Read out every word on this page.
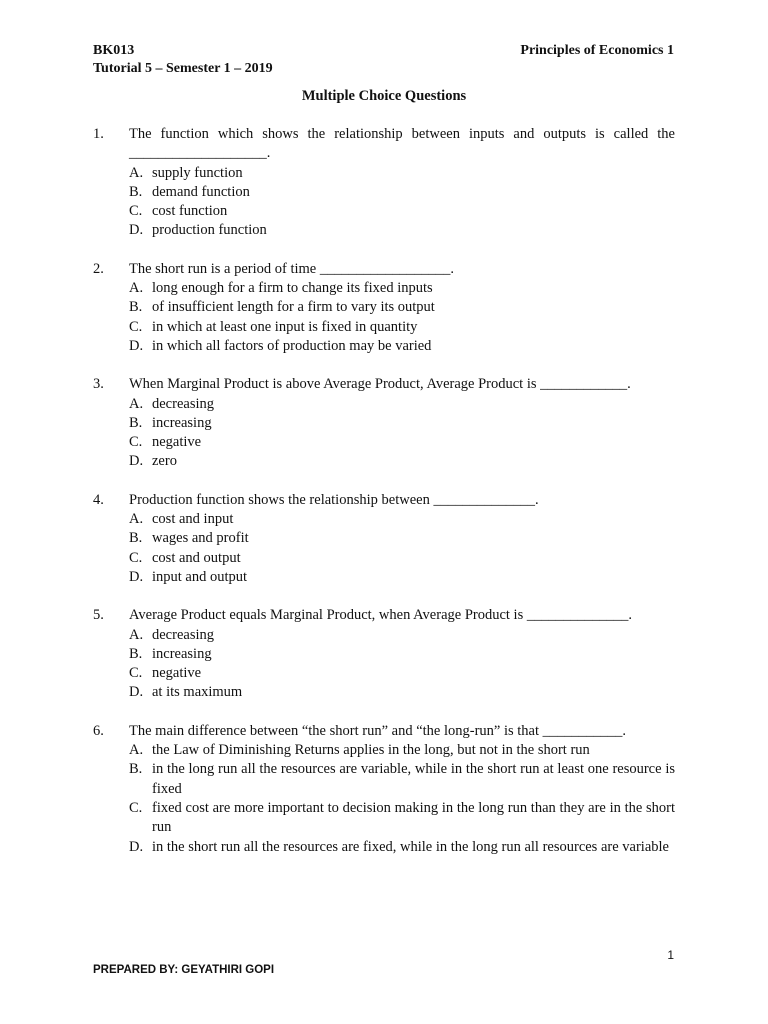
BK013
Tutorial 5 – Semester 1 – 2019
Principles of Economics 1
Multiple Choice Questions
1.	The function which shows the relationship between inputs and outputs is called the ___________________.
A. supply function
B. demand function
C. cost function
D. production function
2.	The short run is a period of time __________________.
A. long enough for a firm to change its fixed inputs
B. of insufficient length for a firm to vary its output
C. in which at least one input is fixed in quantity
D. in which all factors of production may be varied
3.	When Marginal Product is above Average Product, Average Product is ____________.
A. decreasing
B. increasing
C. negative
D. zero
4.	Production function shows the relationship between ______________.
A. cost and input
B. wages and profit
C. cost and output
D. input and output
5.	Average Product equals Marginal Product, when Average Product is ______________.
A. decreasing
B. increasing
C. negative
D. at its maximum
6.	The main difference between “the short run” and “the long-run” is that ___________.
A. the Law of Diminishing Returns applies in the long, but not in the short run
B. in the long run all the resources are variable, while in the short run at least one resource is fixed
C. fixed cost are more important to decision making in the long run than they are in the short run
D. in the short run all the resources are fixed, while in the long run all resources are variable
1
PREPARED BY: GEYATHIRI GOPI
